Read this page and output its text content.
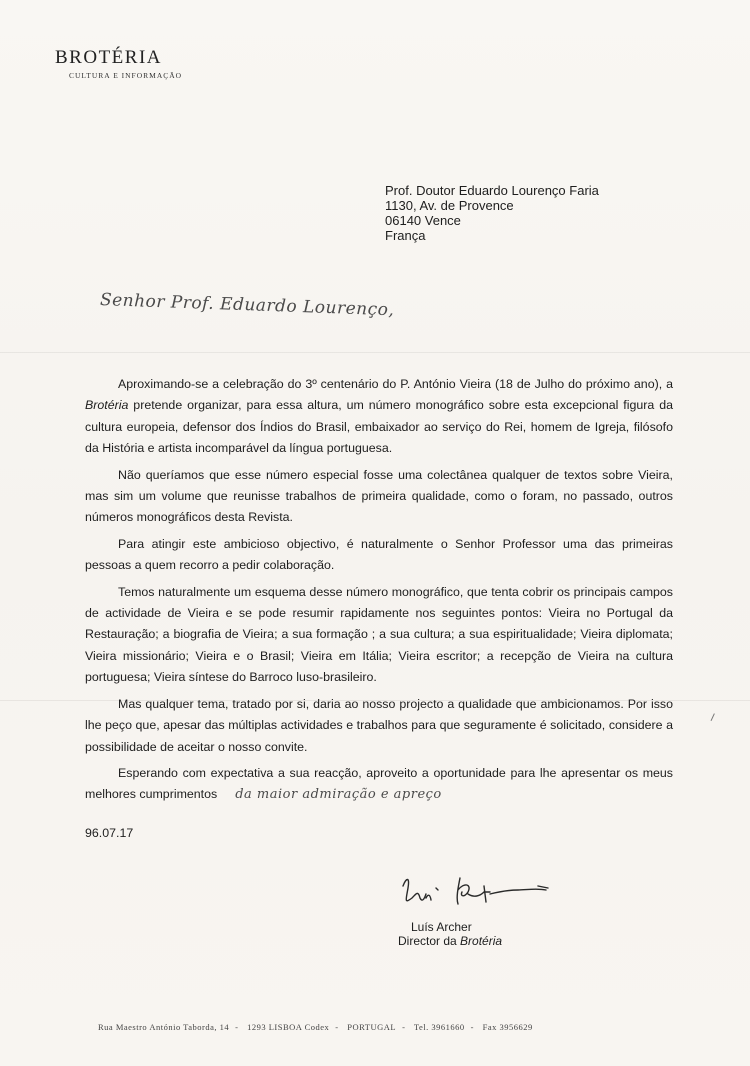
BROTÉRIA
CULTURA E INFORMAÇÃO
Prof. Doutor Eduardo Lourenço Faria
1130, Av. de Provence
06140 Vence
França
Senhor Prof. Eduardo Lourenço,

Aproximando-se a celebração do 3º centenário do P. António Vieira (18 de Julho do próximo ano), a Brotéria pretende organizar, para essa altura, um número monográfico sobre esta excepcional figura da cultura europeia, defensor dos Índios do Brasil, embaixador ao serviço do Rei, homem de Igreja, filósofo da História e artista incomparável da língua portuguesa.

Não queríamos que esse número especial fosse uma colectânea qualquer de textos sobre Vieira, mas sim um volume que reunisse trabalhos de primeira qualidade, como o foram, no passado, outros números monográficos desta Revista.

Para atingir este ambicioso objectivo, é naturalmente o Senhor Professor uma das primeiras pessoas a quem recorro a pedir colaboração.

Temos naturalmente um esquema desse número monográfico, que tenta cobrir os principais campos de actividade de Vieira e se pode resumir rapidamente nos seguintes pontos: Vieira no Portugal da Restauração; a biografia de Vieira; a sua formação ; a sua cultura; a sua espiritualidade; Vieira diplomata; Vieira missionário; Vieira e o Brasil; Vieira em Itália; Vieira escritor; a recepção de Vieira na cultura portuguesa; Vieira síntese do Barroco luso-brasileiro.

Mas qualquer tema, tratado por si, daria ao nosso projecto a qualidade que ambicionamos. Por isso lhe peço que, apesar das múltiplas actividades e trabalhos para que seguramente é solicitado, considere a possibilidade de aceitar o nosso convite.

Esperando com expectativa a sua reacção, aproveito a oportunidade para lhe apresentar os meus melhores cumprimentos da maior admiração e apreço

96.07.17
Luís Archer
Director da Brotéria
Rua Maestro António Taborda, 14 - 1293 LISBOA Codex - PORTUGAL - Tel. 3961660 - Fax 3956629
